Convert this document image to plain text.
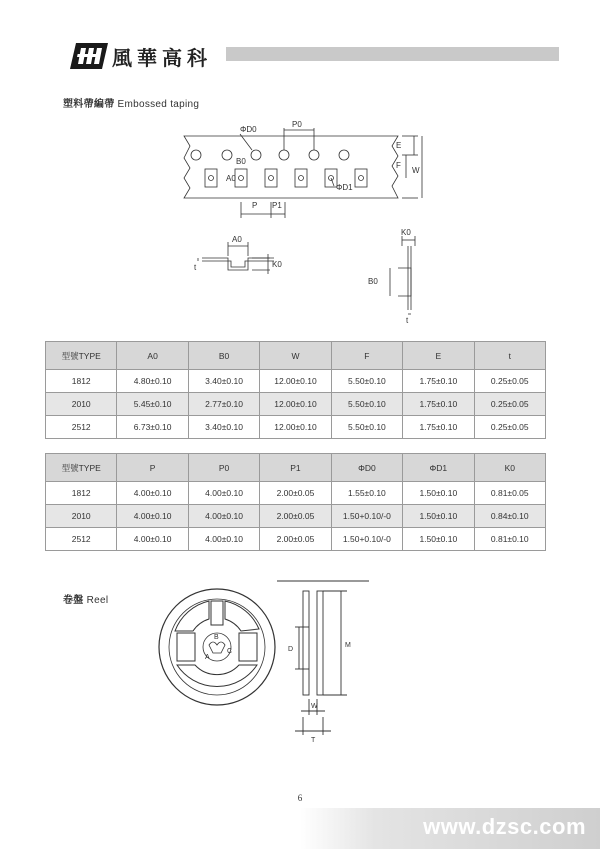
風華高科
塑料帶編帶 Embossed taping
ΦD0
P0
B0
A0
E
F
W
ΦD1
P P1
A0
t	K0
K0
B0
t
型號TYPE	A0	B0	W	F	E	t
1812	4.80±0.10	3.40±0.10	12.00±0.10	5.50±0.10	1.75±0.10	0.25±0.05
2010	5.45±0.10	2.77±0.10	12.00±0.10	5.50±0.10	1.75±0.10	0.25±0.05
2512	6.73±0.10	3.40±0.10	12.00±0.10	5.50±0.10	1.75±0.10	0.25±0.05
型號TYPE	P	P0	P1	ΦD0	ΦD1	K0
1812	4.00±0.10	4.00±0.10	2.00±0.05	1.55±0.10	1.50±0.10	0.81±0.05
2010	4.00±0.10	4.00±0.10	2.00±0.05	1.50+0.10/-0	1.50±0.10	0.84±0.10
2512	4.00±0.10	4.00±0.10	2.00±0.05	1.50+0.10/-0	1.50±0.10	0.81±0.10
卷盤 Reel
B
A
C	D
M
W
T
6
www.dzsc.com
